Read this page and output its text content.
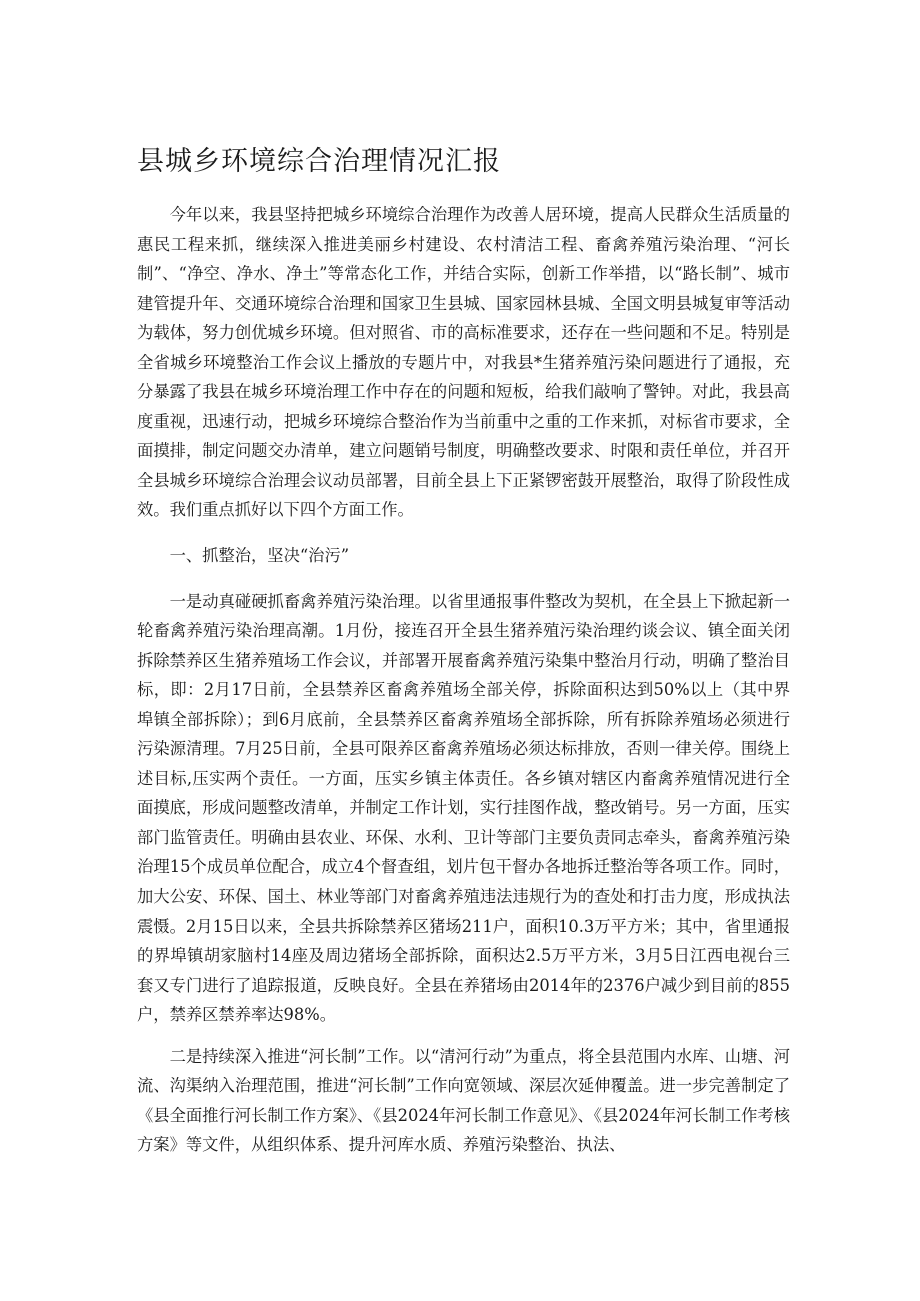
县城乡环境综合治理情况汇报

今年以来，我县坚持把城乡环境综合治理作为改善人居环境，提高人民群众生活质量的惠民工程来抓，继续深入推进美丽乡村建设、农村清洁工程、畜禽养殖污染治理、“河长制”、“净空、净水、净土”等常态化工作，并结合实际，创新工作举措，以“路长制”、城市建管提升年、交通环境综合治理和国家卫生县城、国家园林县城、全国文明县城复审等活动为载体，努力创优城乡环境。但对照省、市的高标准要求，还存在一些问题和不足。特别是全省城乡环境整治工作会议上播放的专题片中，对我县*生猪养殖污染问题进行了通报，充分暴露了我县在城乡环境治理工作中存在的问题和短板，给我们敲响了警钟。对此，我县高度重视，迅速行动，把城乡环境综合整治作为当前重中之重的工作来抓，对标省市要求，全面摸排，制定问题交办清单，建立问题销号制度，明确整改要求、时限和责任单位，并召开全县城乡环境综合治理会议动员部署，目前全县上下正紧锣密鼓开展整治，取得了阶段性成效。我们重点抓好以下四个方面工作。

一、抓整治，坚决“治污”

一是动真碰硬抓畜禽养殖污染治理。以省里通报事件整改为契机，在全县上下掀起新一轮畜禽养殖污染治理高潮。1月份，接连召开全县生猪养殖污染治理约谈会议、镇全面关闭拆除禁养区生猪养殖场工作会议，并部署开展畜禽养殖污染集中整治月行动，明确了整治目标，即：2月17日前，全县禁养区畜禽养殖场全部关停，拆除面积达到50%以上（其中界埠镇全部拆除）；到6月底前，全县禁养区畜禽养殖场全部拆除，所有拆除养殖场必须进行污染源清理。7月25日前，全县可限养区畜禽养殖场必须达标排放，否则一律关停。围绕上述目标,压实两个责任。一方面，压实乡镇主体责任。各乡镇对辖区内畜禽养殖情况进行全面摸底，形成问题整改清单，并制定工作计划，实行挂图作战，整改销号。另一方面，压实部门监管责任。明确由县农业、环保、水利、卫计等部门主要负责同志牵头，畜禽养殖污染治理15个成员单位配合，成立4个督查组，划片包干督办各地拆迁整治等各项工作。同时，加大公安、环保、国土、林业等部门对畜禽养殖违法违规行为的查处和打击力度，形成执法震慑。2月15日以来，全县共拆除禁养区猪场211户，面积10.3万平方米；其中，省里通报的界埠镇胡家脑村14座及周边猪场全部拆除，面积达2.5万平方米，3月5日江西电视台三套又专门进行了追踪报道，反映良好。全县在养猪场由2014年的2376户减少到目前的855户，禁养区禁养率达98%。

二是持续深入推进“河长制”工作。以“清河行动”为重点，将全县范围内水库、山塘、河流、沟渠纳入治理范围，推进“河长制”工作向宽领域、深层次延伸覆盖。进一步完善制定了《县全面推行河长制工作方案》、《县2024年河长制工作意见》、《县2024年河长制工作考核方案》等文件，从组织体系、提升河库水质、养殖污染整治、执法、
